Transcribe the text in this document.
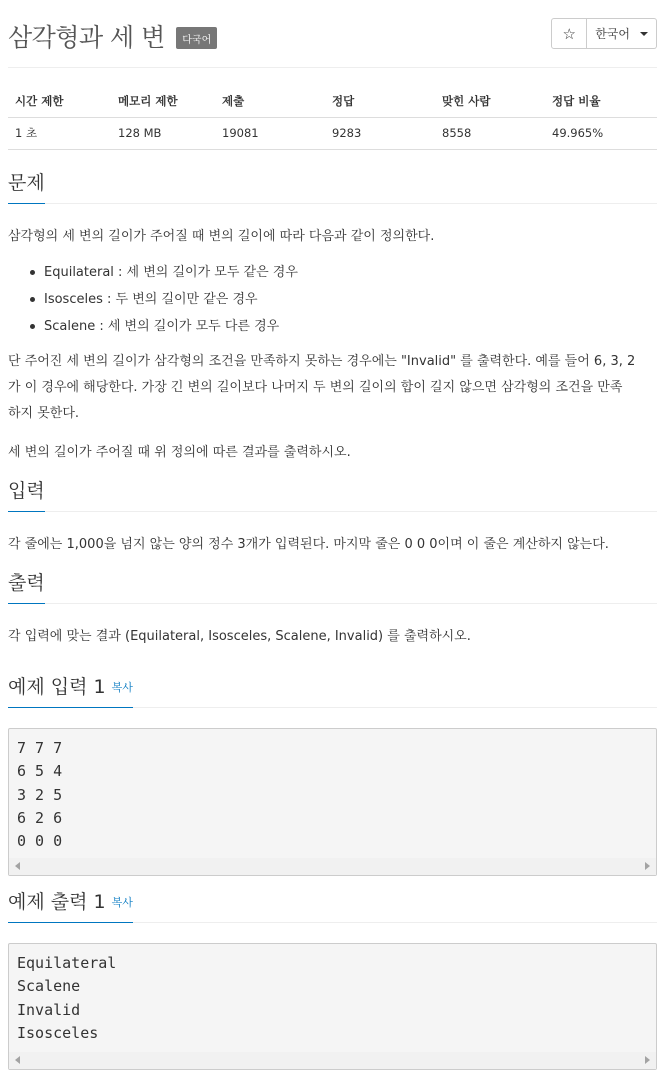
삼각형과 세 변 다국어	☆ 한국어
시간 제한	메모리 제한	제출	정답	맞힌 사람	정답 비율
1 초	128 MB	19081	9283	8558	49.965%
문제

삼각형의 세 변의 길이가 주어질 때 변의 길이에 따라 다음과 같이 정의한다.

Equilateral : 세 변의 길이가 모두 같은 경우
Isosceles : 두 변의 길이만 같은 경우
Scalene : 세 변의 길이가 모두 다른 경우

단 주어진 세 변의 길이가 삼각형의 조건을 만족하지 못하는 경우에는 "Invalid" 를 출력한다. 예를 들어 6, 3, 2
가 이 경우에 해당한다. 가장 긴 변의 길이보다 나머지 두 변의 길이의 합이 길지 않으면 삼각형의 조건을 만족
하지 못한다.

세 변의 길이가 주어질 때 위 정의에 따른 결과를 출력하시오.

입력

각 줄에는 1,000을 넘지 않는 양의 정수 3개가 입력된다. 마지막 줄은 0 0 0이며 이 줄은 계산하지 않는다.

출력

각 입력에 맞는 결과 (Equilateral, Isosceles, Scalene, Invalid) 를 출력하시오.

예제 입력 1 복사
7 7 7
6 5 4
3 2 5
6 2 6
0 0 0
예제 출력 1 복사
Equilateral
Scalene
Invalid
Isosceles
